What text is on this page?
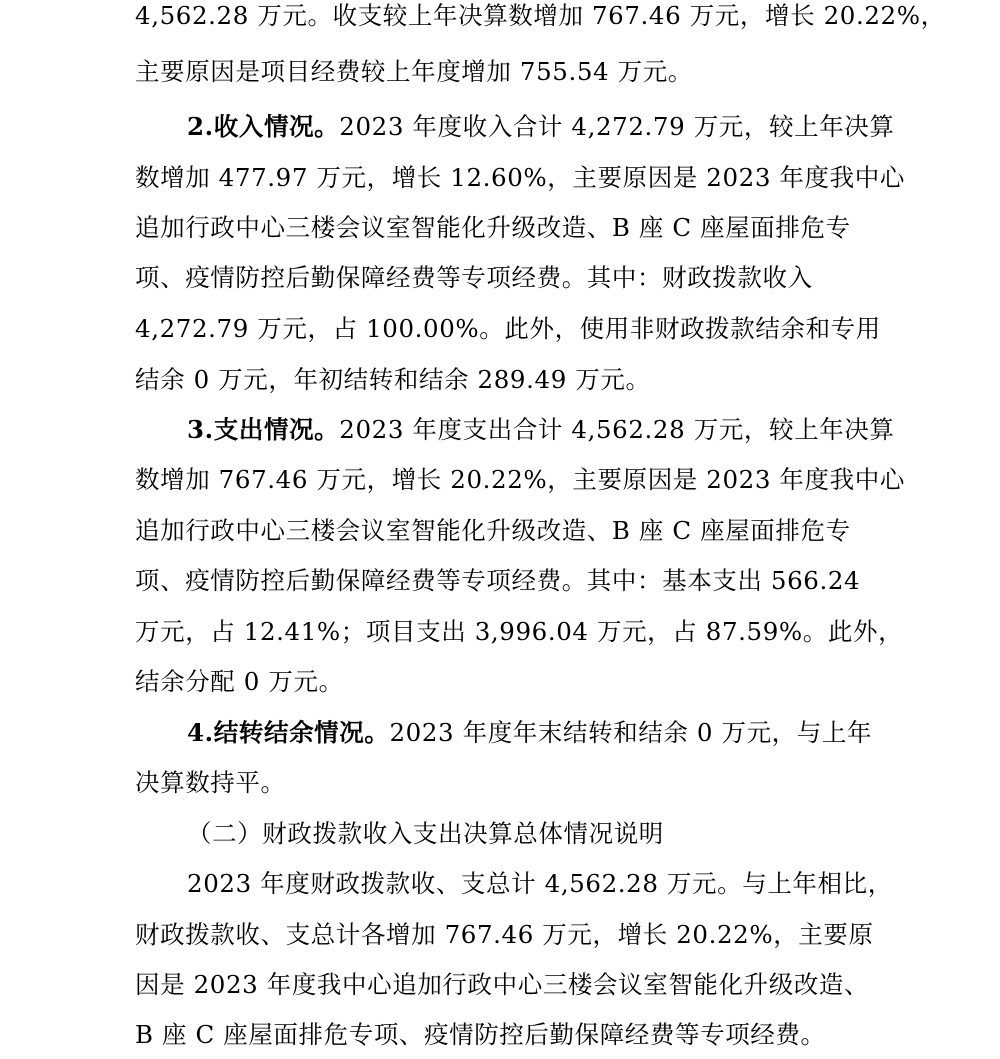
4,562.28 万元。收支较上年决算数增加 767.46 万元，增长 20.22%，
主要原因是项目经费较上年度增加 755.54 万元。
2.收入情况。2023 年度收入合计 4,272.79 万元，较上年决算
数增加 477.97 万元，增长 12.60%，主要原因是 2023 年度我中心
追加行政中心三楼会议室智能化升级改造、B 座 C 座屋面排危专
项、疫情防控后勤保障经费等专项经费。其中：财政拨款收入
4,272.79 万元，占 100.00%。此外，使用非财政拨款结余和专用
结余 0 万元，年初结转和结余 289.49 万元。
3.支出情况。2023 年度支出合计 4,562.28 万元，较上年决算
数增加 767.46 万元，增长 20.22%，主要原因是 2023 年度我中心
追加行政中心三楼会议室智能化升级改造、B 座 C 座屋面排危专
项、疫情防控后勤保障经费等专项经费。其中：基本支出 566.24
万元，占 12.41%；项目支出 3,996.04 万元，占 87.59%。此外，
结余分配 0 万元。
4.结转结余情况。2023 年度年末结转和结余 0 万元，与上年
决算数持平。
（二）财政拨款收入支出决算总体情况说明
2023 年度财政拨款收、支总计 4,562.28 万元。与上年相比，
财政拨款收、支总计各增加 767.46 万元，增长 20.22%，主要原
因是 2023 年度我中心追加行政中心三楼会议室智能化升级改造、
B 座 C 座屋面排危专项、疫情防控后勤保障经费等专项经费。
